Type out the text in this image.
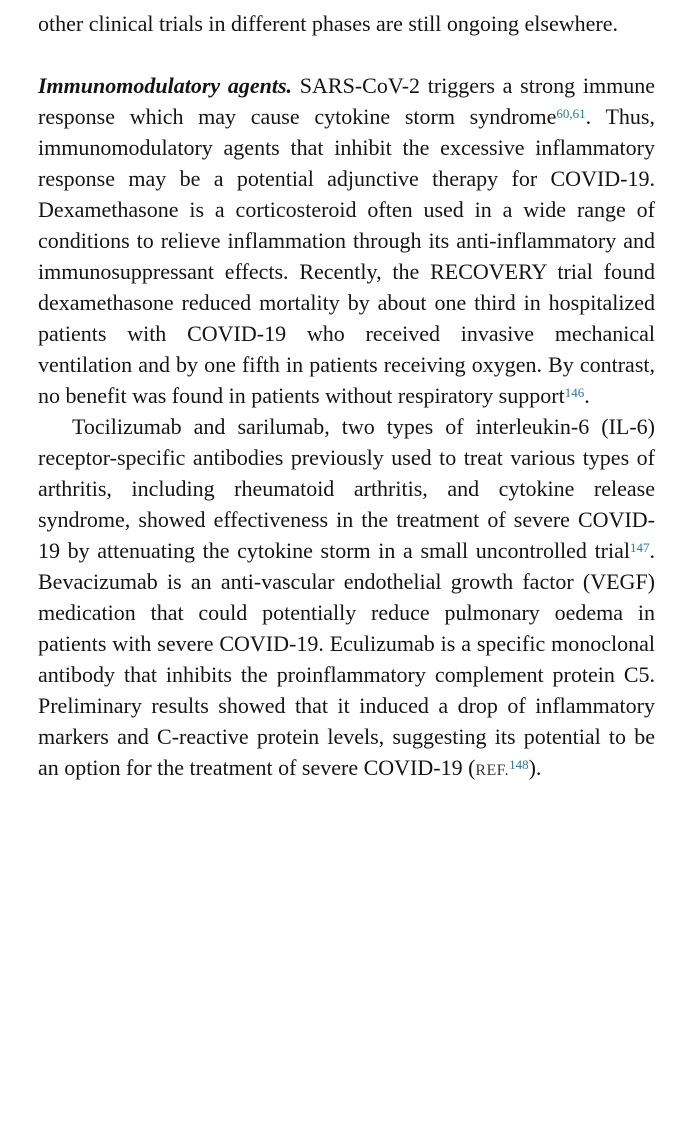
other clinical trials in different phases are still ongoing elsewhere.

Immunomodulatory agents. SARS-CoV-2 triggers a strong immune response which may cause cytokine storm syndrome$^{60,61}$. Thus, immunomodulatory agents that inhibit the excessive inflammatory response may be a potential adjunctive therapy for COVID-19. Dexamethasone is a corticosteroid often used in a wide range of conditions to relieve inflammation through its anti-inflammatory and immunosuppressant effects. Recently, the RECOVERY trial found dexamethasone reduced mortality by about one third in hospitalized patients with COVID-19 who received invasive mechanical ventilation and by one fifth in patients receiving oxygen. By contrast, no benefit was found in patients without respiratory support$^{146}$.

Tocilizumab and sarilumab, two types of interleukin-6 (IL-6) receptor-specific antibodies previously used to treat various types of arthritis, including rheumatoid arthritis, and cytokine release syndrome, showed effectiveness in the treatment of severe COVID-19 by attenuating the cytokine storm in a small uncontrolled trial$^{147}$. Bevacizumab is an anti-vascular endothelial growth factor (VEGF) medication that could potentially reduce pulmonary oedema in patients with severe COVID-19. Eculizumab is a specific monoclonal antibody that inhibits the proinflammatory complement protein C5. Preliminary results showed that it induced a drop of inflammatory markers and C-reactive protein levels, suggesting its potential to be an option for the treatment of severe COVID-19 (REF.$^{148}$).
